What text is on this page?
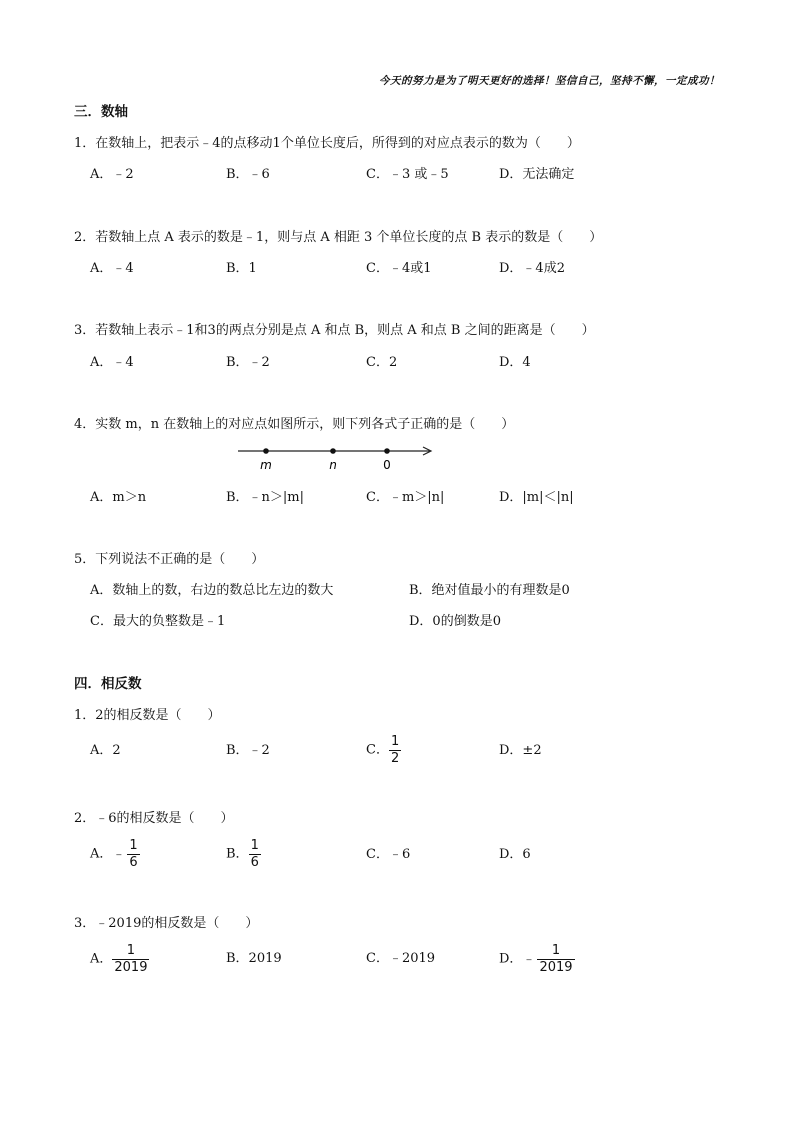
今天的努力是为了明天更好的选择！坚信自己，坚持不懈，一定成功！
三．数轴
1．在数轴上，把表示﹣4的点移动1个单位长度后，所得到的对应点表示的数为（　　）
A．﹣2	B．﹣6	C．﹣3 或﹣5	D．无法确定
2．若数轴上点 A 表示的数是﹣1，则与点 A 相距 3 个单位长度的点 B 表示的数是（　　）
A．﹣4	B．1	C．﹣4或1	D．﹣4成2
3．若数轴上表示﹣1和3的两点分别是点 A 和点 B，则点 A 和点 B 之间的距离是（　　）
A．﹣4	B．﹣2	C．2	D．4
4．实数 m，n 在数轴上的对应点如图所示，则下列各式子正确的是（　　）
m	n	0
A．m＞n	B．﹣n＞|m|	C．﹣m＞|n|	D．|m|＜|n|
5．下列说法不正确的是（　　）
A．数轴上的数，右边的数总比左边的数大	B．绝对值最小的有理数是0
C．最大的负整数是﹣1	D．0的倒数是0
四．相反数
1．2的相反数是（　　）
A．2	B．﹣2	C． $\frac{1}{2}$	D．±2
2．﹣6的相反数是（　　）
A．﹣ $\frac{1}{6}$	B． $\frac{1}{6}$	C．﹣6	D．6
3．﹣2019的相反数是（　　）
A． $\frac{1}{2019}$	B．2019	C．﹣2019	D．﹣ $\frac{1}{2019}$
